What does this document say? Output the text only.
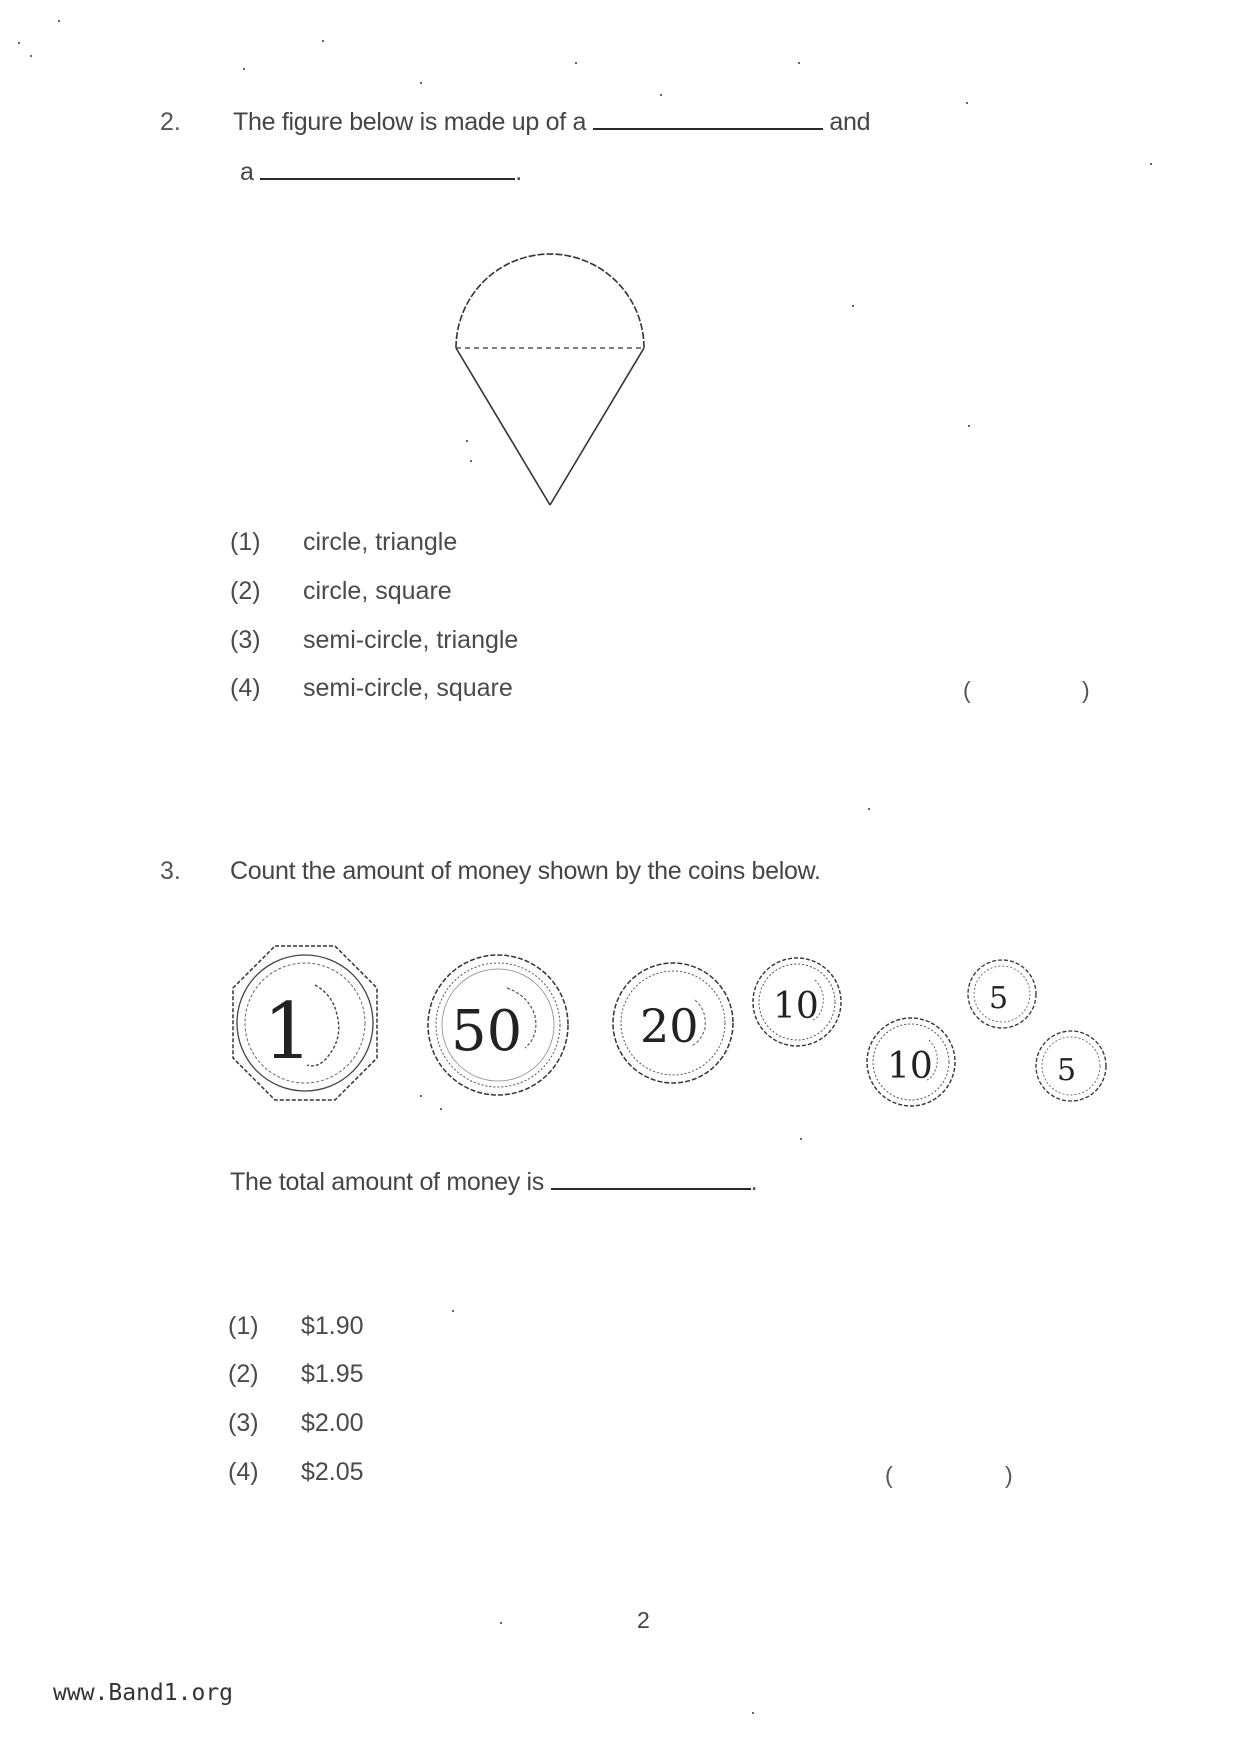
2. The figure below is made up of a	and
a	.
(1) circle, triangle
(2) circle, square
(3) semi-circle, triangle
(4) semi-circle, square	(	)
3. Count the amount of money shown by the coins below.
1 50	20 10
10
5
5
The total amount of money is	.
(1) $1.90
(2) $1.95
(3) $2.00
(4) $2.05	(	)
2
www.Band1.org
